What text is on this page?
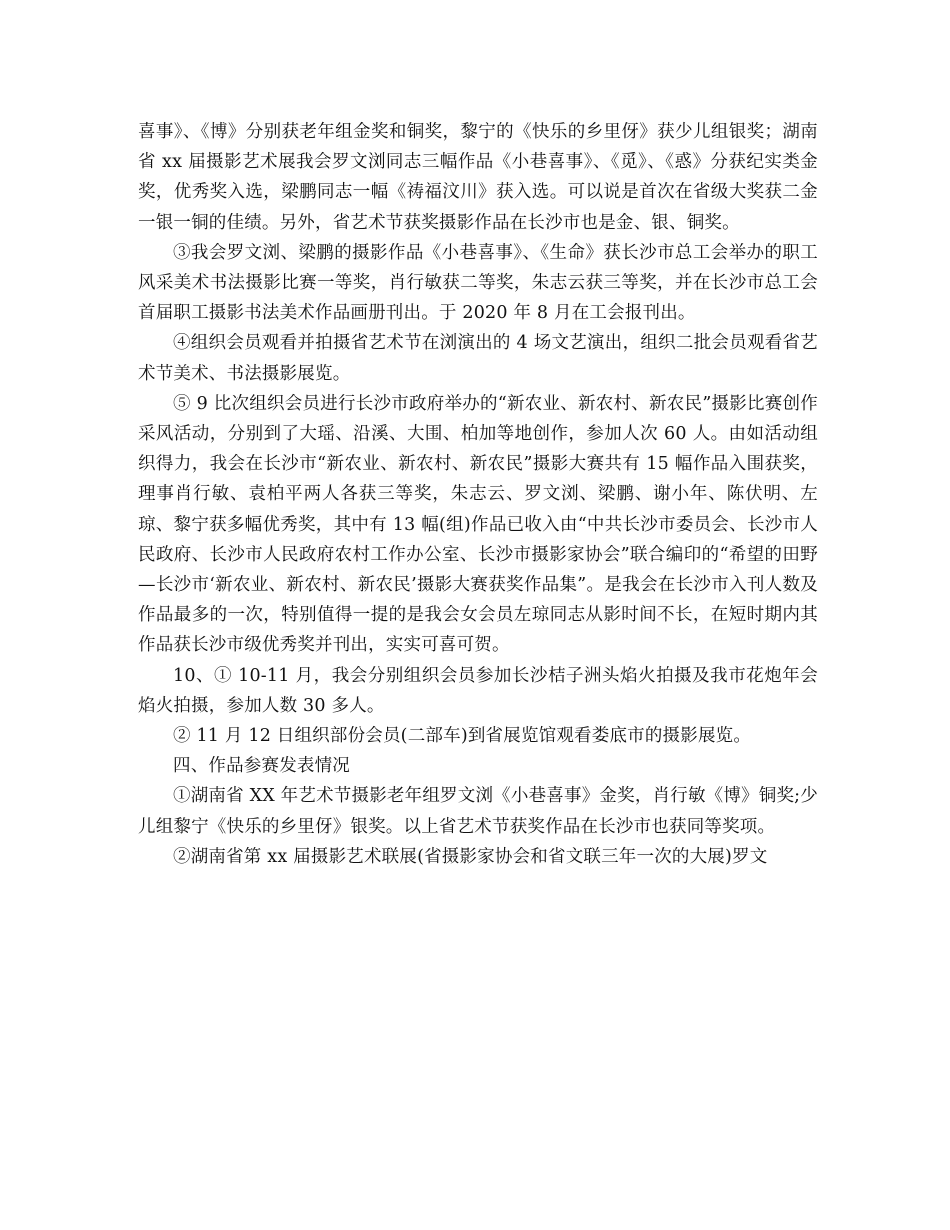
喜事》、《博》分别获老年组金奖和铜奖，黎宁的《快乐的乡里伢》获少儿组银奖；湖南省 xx 届摄影艺术展我会罗文浏同志三幅作品《小巷喜事》、《觅》、《惑》分获纪实类金奖，优秀奖入选，梁鹏同志一幅《祷福汶川》获入选。可以说是首次在省级大奖获二金一银一铜的佳绩。另外，省艺术节获奖摄影作品在长沙市也是金、银、铜奖。

③我会罗文浏、梁鹏的摄影作品《小巷喜事》、《生命》获长沙市总工会举办的职工风采美术书法摄影比赛一等奖，肖行敏获二等奖，朱志云获三等奖，并在长沙市总工会首届职工摄影书法美术作品画册刊出。于 2020 年 8 月在工会报刊出。

④组织会员观看并拍摄省艺术节在浏演出的 4 场文艺演出，组织二批会员观看省艺术节美术、书法摄影展览。

⑤ 9 比次组织会员进行长沙市政府举办的“新农业、新农村、新农民”摄影比赛创作采风活动，分别到了大瑶、沿溪、大围、柏加等地创作，参加人次 60 人。由如活动组织得力，我会在长沙市“新农业、新农村、新农民”摄影大赛共有 15 幅作品入围获奖，理事肖行敏、袁柏平两人各获三等奖，朱志云、罗文浏、梁鹏、谢小年、陈伏明、左琼、黎宁获多幅优秀奖，其中有 13 幅(组)作品已收入由“中共长沙市委员会、长沙市人民政府、长沙市人民政府农村工作办公室、长沙市摄影家协会”联合编印的“希望的田野—长沙市‘新农业、新农村、新农民’摄影大赛获奖作品集”。是我会在长沙市入刊人数及作品最多的一次，特别值得一提的是我会女会员左琼同志从影时间不长，在短时期内其作品获长沙市级优秀奖并刊出，实实可喜可贺。

10、① 10-11 月，我会分别组织会员参加长沙桔子洲头焰火拍摄及我市花炮年会焰火拍摄，参加人数 30 多人。

② 11 月 12 日组织部份会员(二部车)到省展览馆观看娄底市的摄影展览。

四、作品参赛发表情况

①湖南省 XX 年艺术节摄影老年组罗文浏《小巷喜事》金奖，肖行敏《博》铜奖;少儿组黎宁《快乐的乡里伢》银奖。以上省艺术节获奖作品在长沙市也获同等奖项。

②湖南省第 xx 届摄影艺术联展(省摄影家协会和省文联三年一次的大展)罗文
